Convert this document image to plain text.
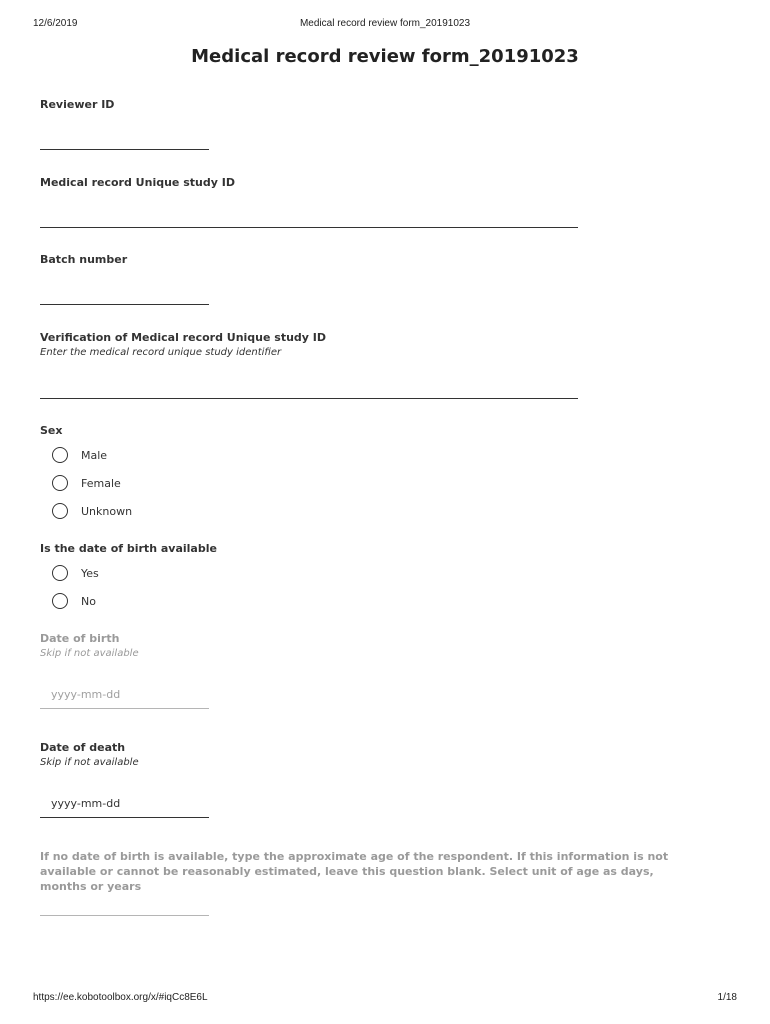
12/6/2019	Medical record review form_20191023
Medical record review form_20191023
Reviewer ID
Medical record Unique study ID
Batch number
Verification of Medical record Unique study ID
Enter the medical record unique study identifier
Sex
Male
Female
Unknown
Is the date of birth available
Yes
No
Date of birth
Skip if not available
yyyy-mm-dd
Date of death
Skip if not available
yyyy-mm-dd
If no date of birth is available, type the approximate age of the respondent. If this information is not available or cannot be reasonably estimated, leave this question blank. Select unit of age as days, months or years
https://ee.kobotoolbox.org/x/#iqCc8E6L	1/18
